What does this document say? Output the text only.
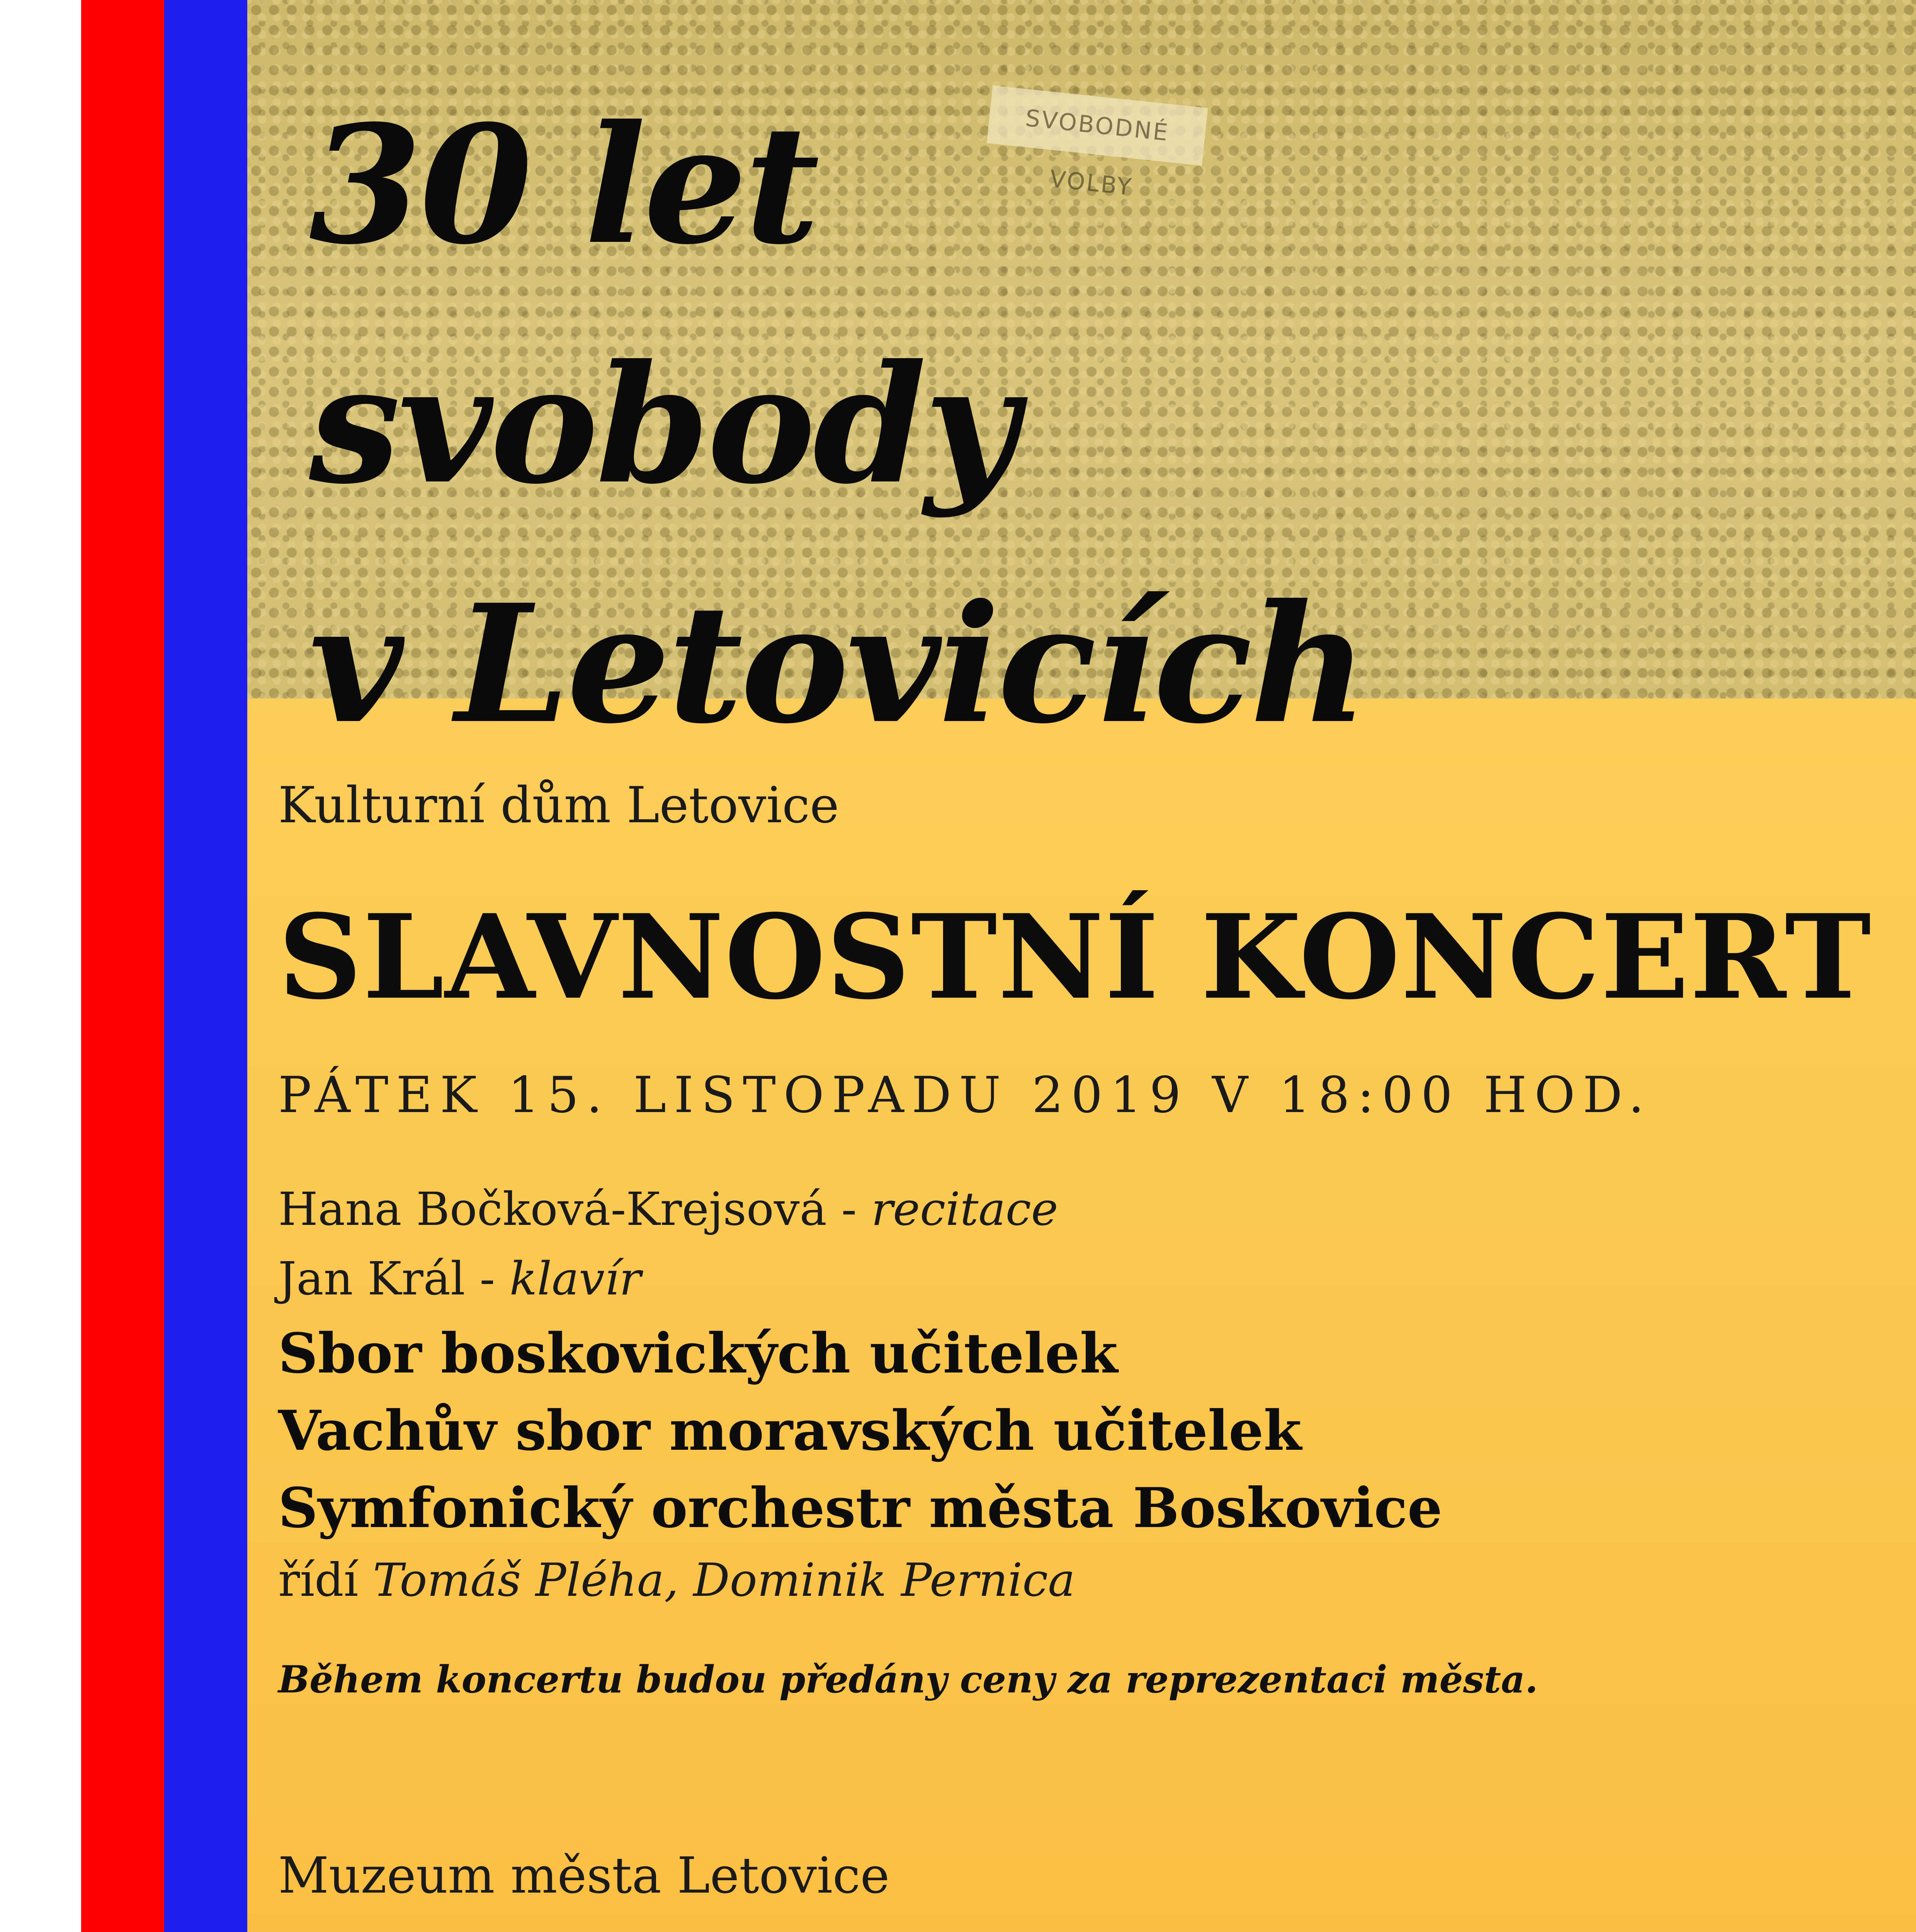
SVOBODNÉ VOLBY
30 let
svobody
v Letovicích
Kulturní dům Letovice
SLAVNOSTNÍ KONCERT
PÁTEK 15. LISTOPADU 2019 V 18:00 HOD.
Hana Bočková-Krejsová - recitace
Jan Král - klavír
Sbor boskovických učitelek
Vachův sbor moravských učitelek
Symfonický orchestr města Boskovice
řídí Tomáš Pléha, Dominik Pernica
Během koncertu budou předány ceny za reprezentaci města.
Muzeum města Letovice
